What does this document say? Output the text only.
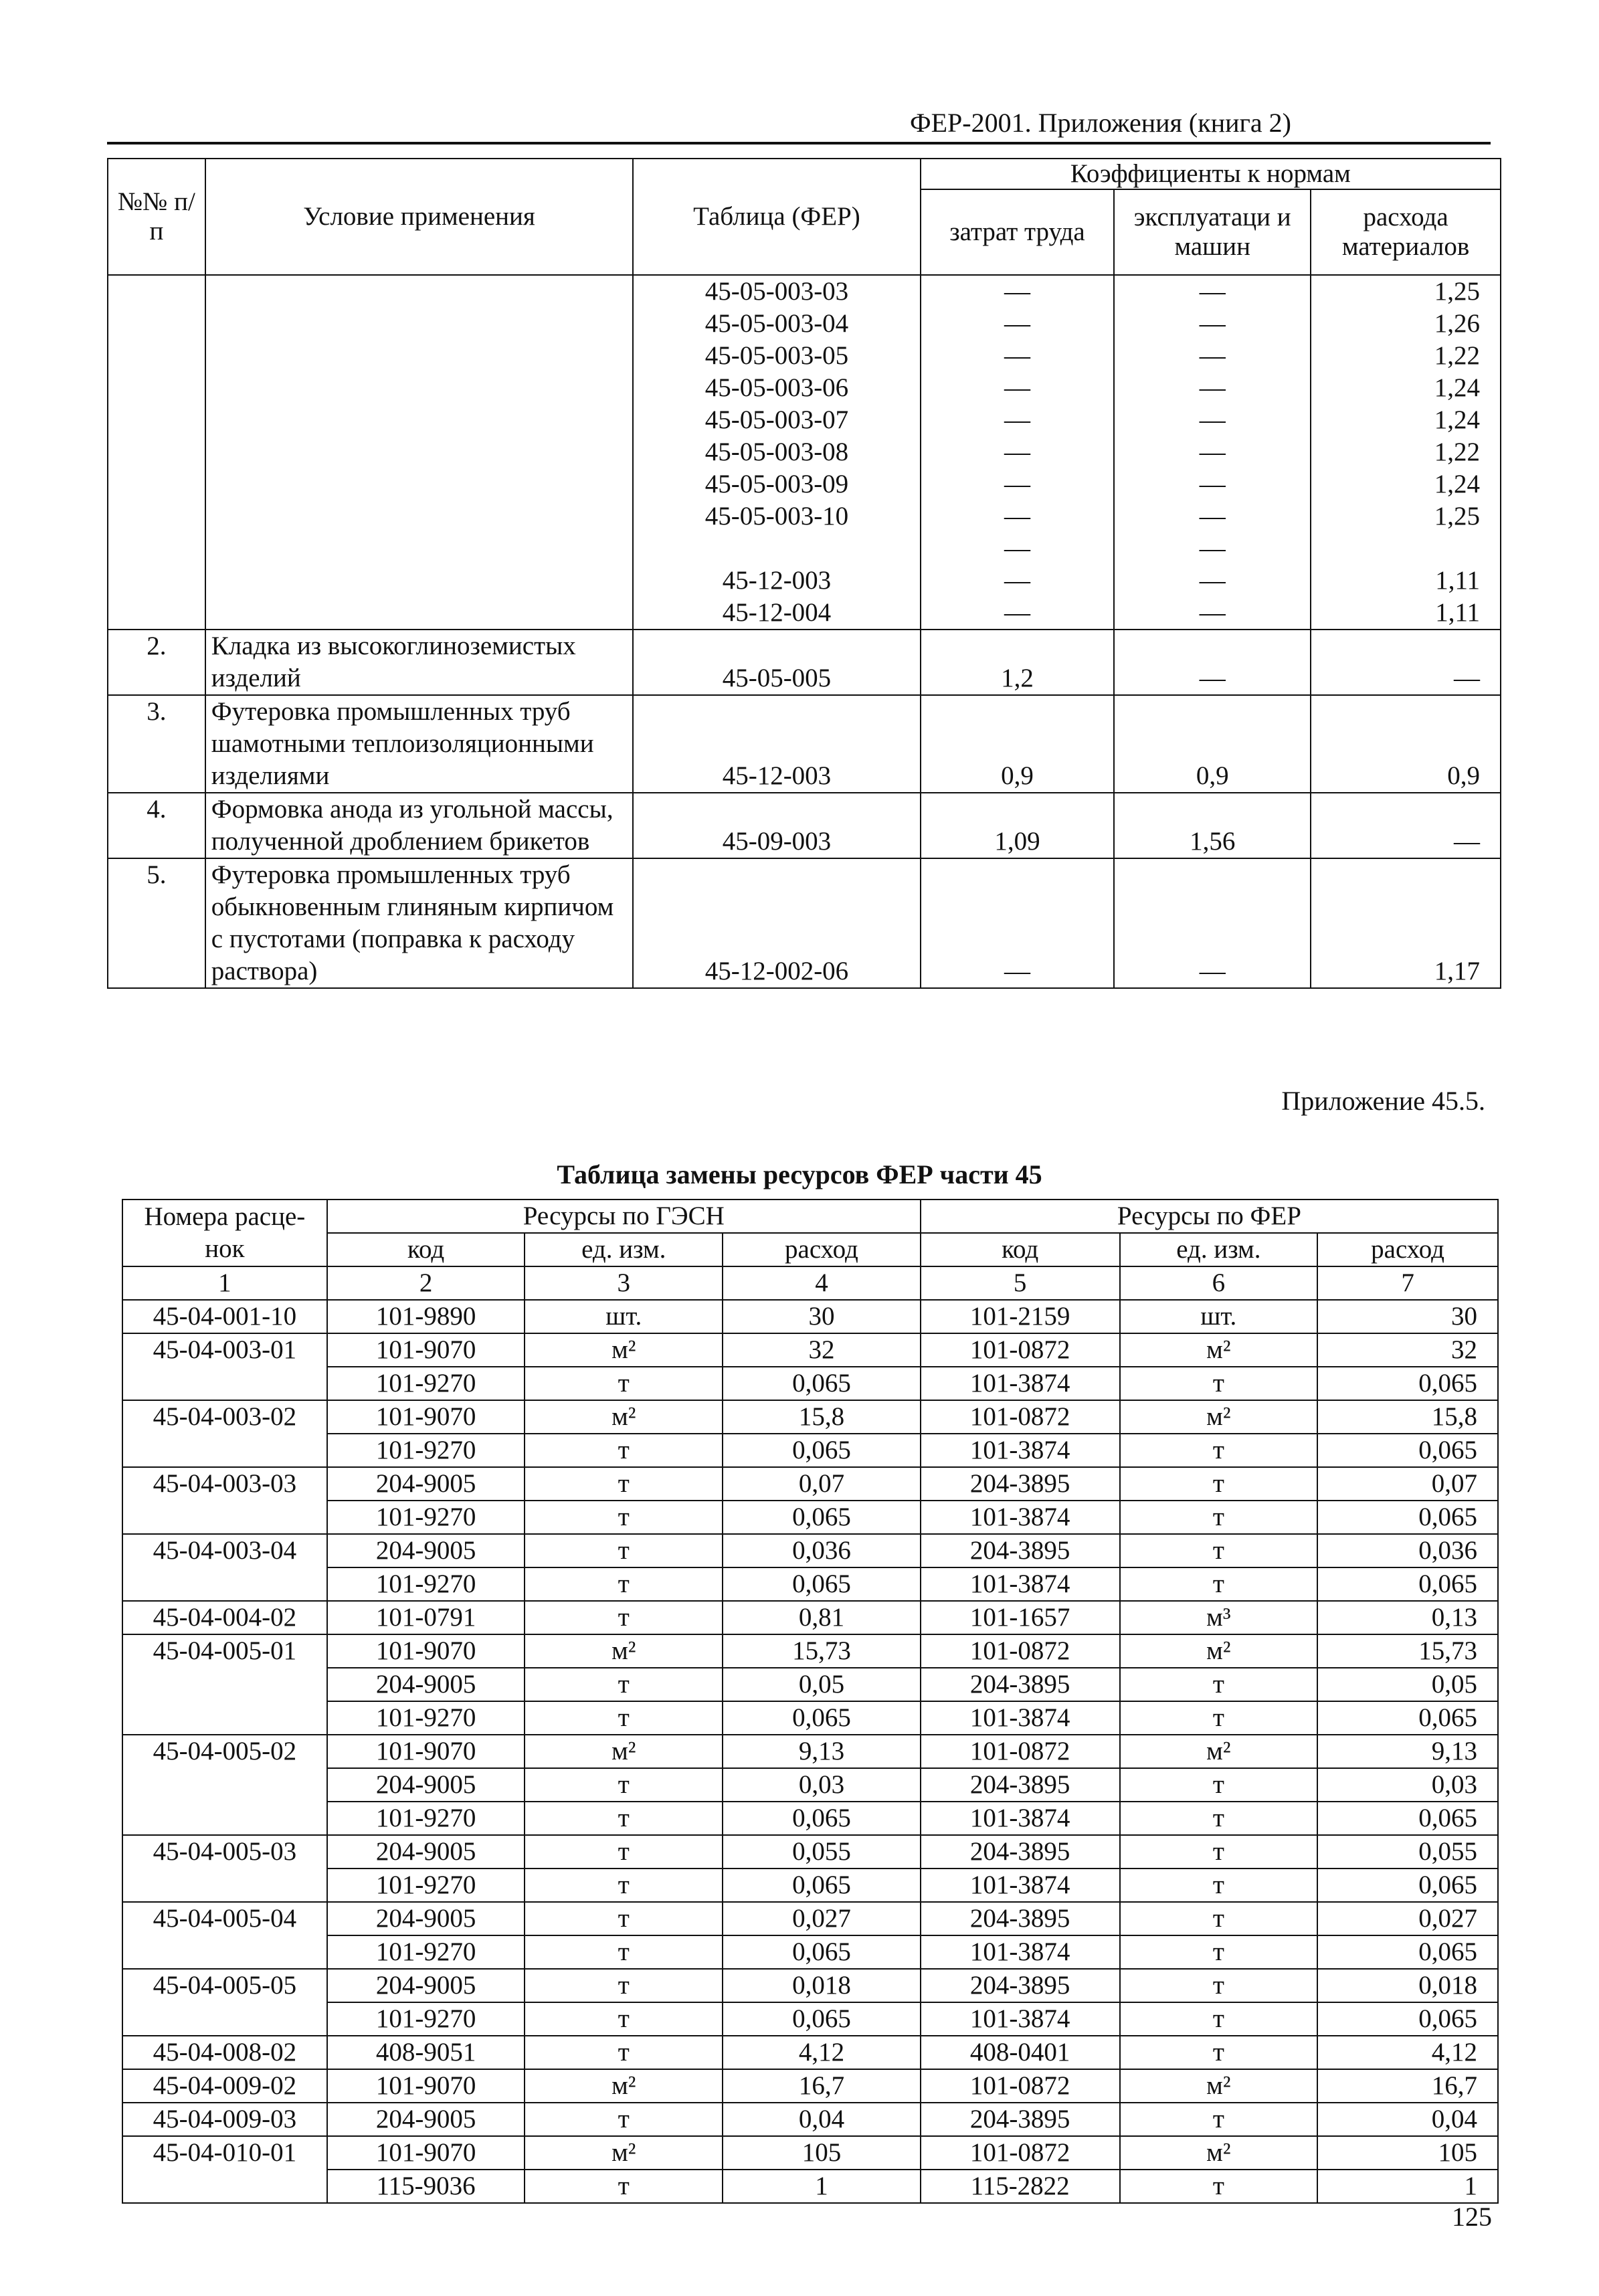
ФЕР-2001. Приложения (книга 2)
№№ п/п	Условие применения	Таблица (ФЕР)	Коэффициенты к нормам		
			затрат труда	эксплуатаци и машин	расхода материалов
		45-05-003-03	—	—	1,25
		45-05-003-04	—	—	1,26
		45-05-003-05	—	—	1,22
		45-05-003-06	—	—	1,24
		45-05-003-07	—	—	1,24
		45-05-003-08	—	—	1,22
		45-05-003-09	—	—	1,24
		45-05-003-10	—	—	1,25
			—	—	
		45-12-003	—	—	1,11
		45-12-004	—	—	1,11
2.	Кладка из высокоглиноземистых изделий	45-05-005	1,2	—	—
3.	Футеровка промышленных труб шамотными теплоизоляционными изделиями	45-12-003	0,9	0,9	0,9
4.	Формовка анода из угольной массы, полученной дроблением брикетов	45-09-003	1,09	1,56	—
5.	Футеровка промышленных труб обыкновенным глиняным кирпичом с пустотами (поправка к расходу раствора)	45-12-002-06	—	—	1,17
Приложение 45.5.
Таблица замены ресурсов ФЕР части 45
Номера расце-нок	Ресурсы по ГЭСН			Ресурсы по ФЕР		
	код	ед. изм.	расход	код	ед. изм.	расход
1	2	3	4	5	6	7
45-04-001-10	101-9890	шт.	30	101-2159	шт.	30
45-04-003-01	101-9070	м²	32	101-0872	м²	32
	101-9270	т	0,065	101-3874	т	0,065
45-04-003-02	101-9070	м²	15,8	101-0872	м²	15,8
	101-9270	т	0,065	101-3874	т	0,065
45-04-003-03	204-9005	т	0,07	204-3895	т	0,07
	101-9270	т	0,065	101-3874	т	0,065
45-04-003-04	204-9005	т	0,036	204-3895	т	0,036
	101-9270	т	0,065	101-3874	т	0,065
45-04-004-02	101-0791	т	0,81	101-1657	м³	0,13
45-04-005-01	101-9070	м²	15,73	101-0872	м²	15,73
	204-9005	т	0,05	204-3895	т	0,05
	101-9270	т	0,065	101-3874	т	0,065
45-04-005-02	101-9070	м²	9,13	101-0872	м²	9,13
	204-9005	т	0,03	204-3895	т	0,03
	101-9270	т	0,065	101-3874	т	0,065
45-04-005-03	204-9005	т	0,055	204-3895	т	0,055
	101-9270	т	0,065	101-3874	т	0,065
45-04-005-04	204-9005	т	0,027	204-3895	т	0,027
	101-9270	т	0,065	101-3874	т	0,065
45-04-005-05	204-9005	т	0,018	204-3895	т	0,018
	101-9270	т	0,065	101-3874	т	0,065
45-04-008-02	408-9051	т	4,12	408-0401	т	4,12
45-04-009-02	101-9070	м²	16,7	101-0872	м²	16,7
45-04-009-03	204-9005	т	0,04	204-3895	т	0,04
45-04-010-01	101-9070	м²	105	101-0872	м²	105
	115-9036	т	1	115-2822	т	1
125
